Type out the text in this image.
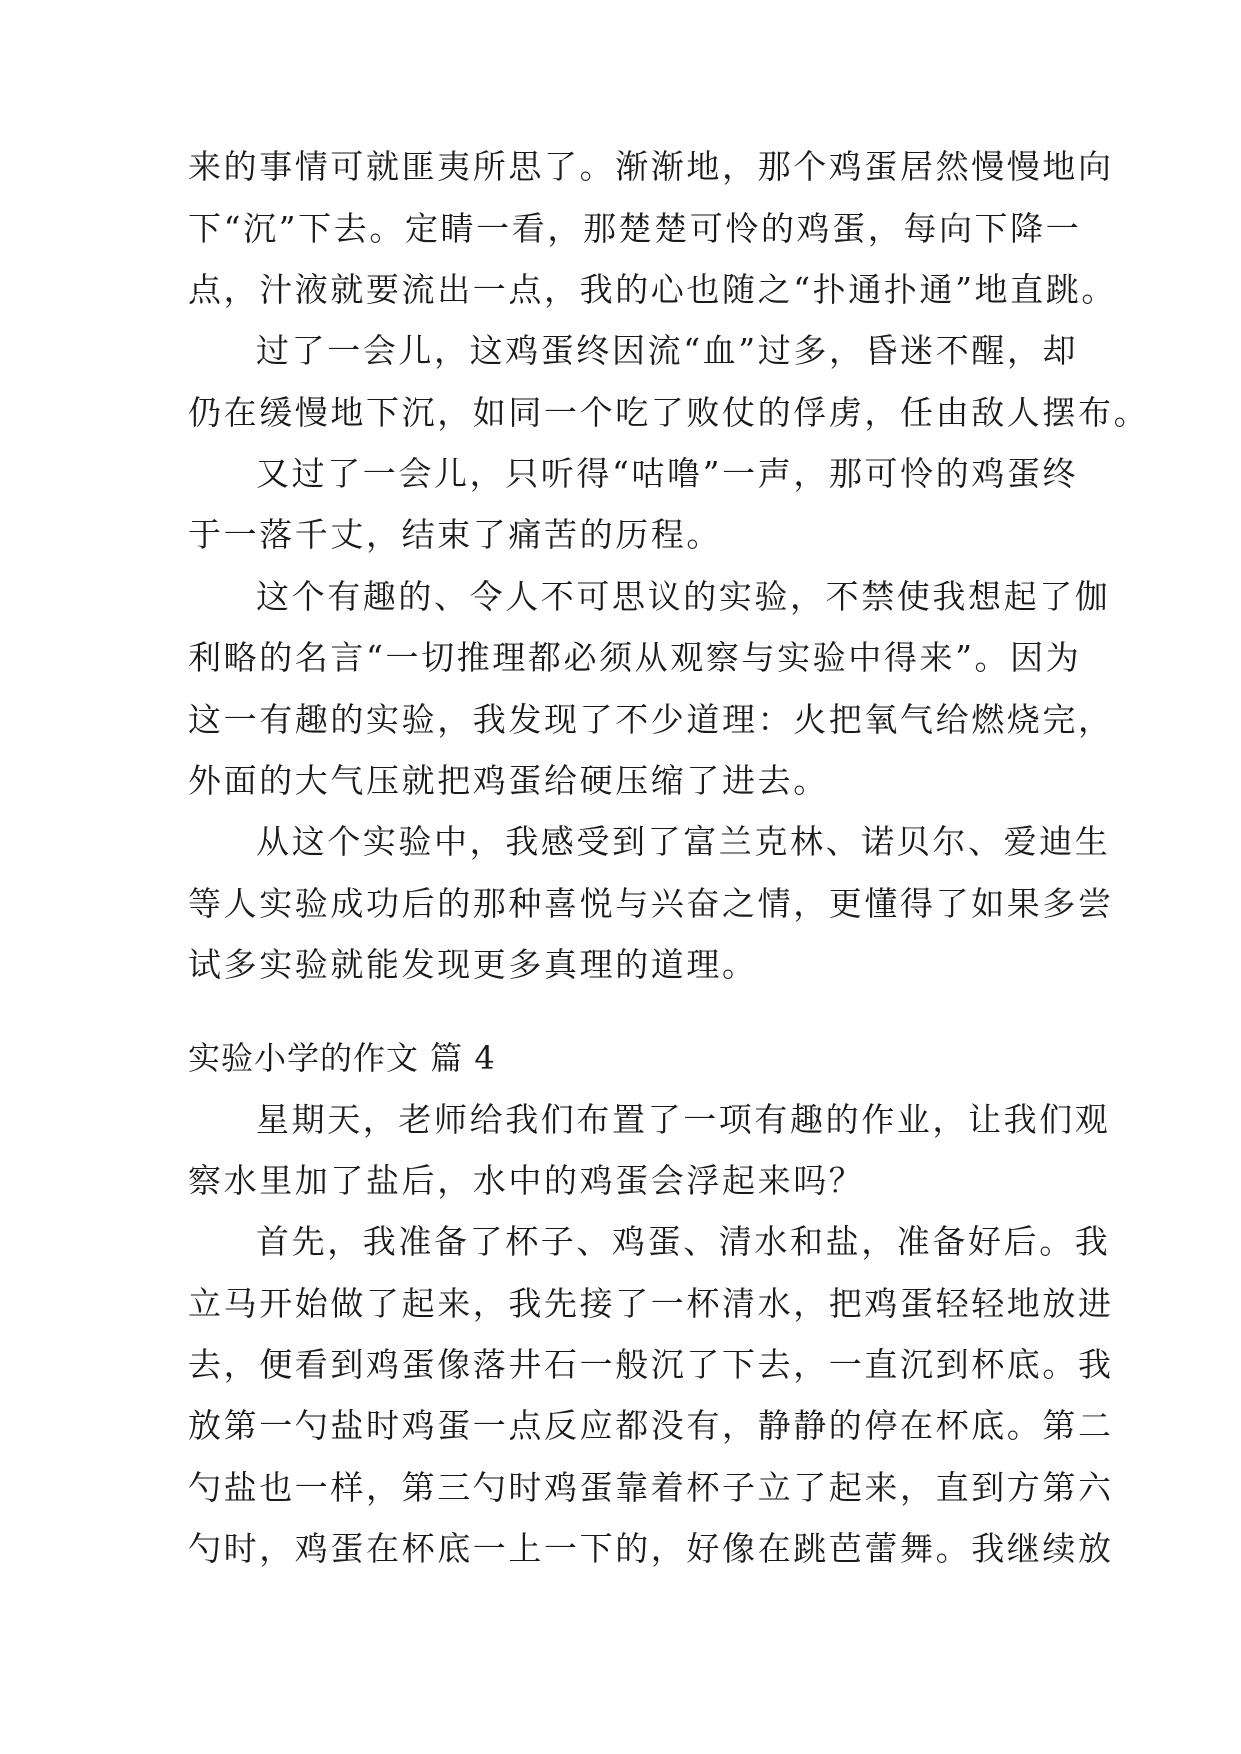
来的事情可就匪夷所思了。渐渐地，那个鸡蛋居然慢慢地向
下“沉”下去。定睛一看，那楚楚可怜的鸡蛋，每向下降一
点，汁液就要流出一点，我的心也随之“扑通扑通”地直跳。
过了一会儿，这鸡蛋终因流“血”过多，昏迷不醒，却
仍在缓慢地下沉，如同一个吃了败仗的俘虏，任由敌人摆布。
又过了一会儿，只听得“咕噜”一声，那可怜的鸡蛋终
于一落千丈，结束了痛苦的历程。
这个有趣的、令人不可思议的实验，不禁使我想起了伽
利略的名言“一切推理都必须从观察与实验中得来”。因为
这一有趣的实验，我发现了不少道理：火把氧气给燃烧完，
外面的大气压就把鸡蛋给硬压缩了进去。
从这个实验中，我感受到了富兰克林、诺贝尔、爱迪生
等人实验成功后的那种喜悦与兴奋之情，更懂得了如果多尝
试多实验就能发现更多真理的道理。
实验小学的作文 篇 4
星期天，老师给我们布置了一项有趣的作业，让我们观
察水里加了盐后，水中的鸡蛋会浮起来吗？
首先，我准备了杯子、鸡蛋、清水和盐，准备好后。我
立马开始做了起来，我先接了一杯清水，把鸡蛋轻轻地放进
去，便看到鸡蛋像落井石一般沉了下去，一直沉到杯底。我
放第一勺盐时鸡蛋一点反应都没有，静静的停在杯底。第二
勺盐也一样，第三勺时鸡蛋靠着杯子立了起来，直到方第六
勺时，鸡蛋在杯底一上一下的，好像在跳芭蕾舞。我继续放
